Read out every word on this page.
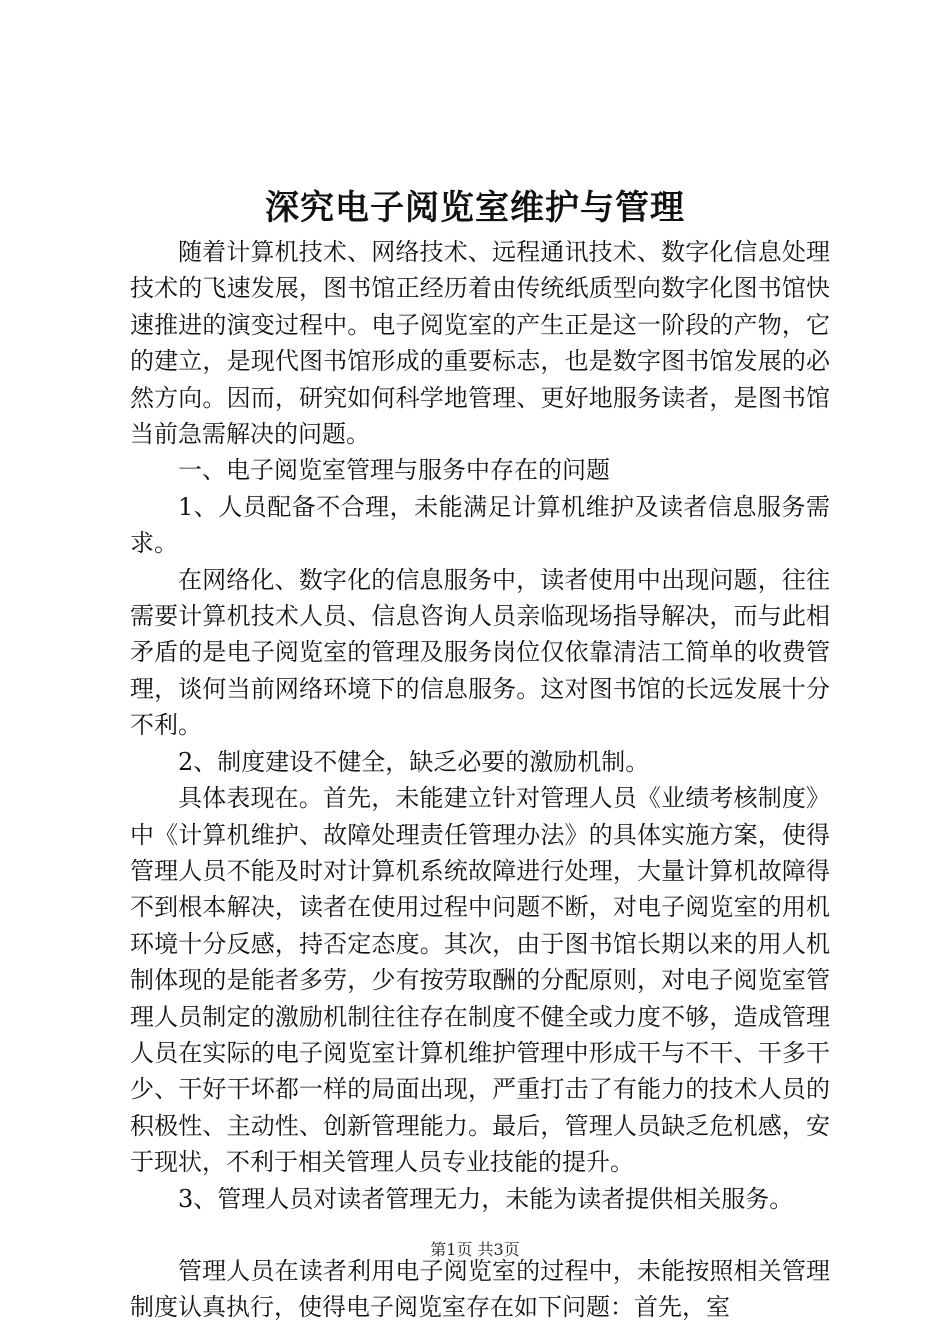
深究电子阅览室维护与管理

随着计算机技术、网络技术、远程通讯技术、数字化信息处理技术的飞速发展，图书馆正经历着由传统纸质型向数字化图书馆快速推进的演变过程中。电子阅览室的产生正是这一阶段的产物，它的建立，是现代图书馆形成的重要标志，也是数字图书馆发展的必然方向。因而，研究如何科学地管理、更好地服务读者，是图书馆当前急需解决的问题。

一、电子阅览室管理与服务中存在的问题

1、人员配备不合理，未能满足计算机维护及读者信息服务需求。

在网络化、数字化的信息服务中，读者使用中出现问题，往往需要计算机技术人员、信息咨询人员亲临现场指导解决，而与此相矛盾的是电子阅览室的管理及服务岗位仅依靠清洁工简单的收费管理，谈何当前网络环境下的信息服务。这对图书馆的长远发展十分不利。

2、制度建设不健全，缺乏必要的激励机制。

具体表现在。首先，未能建立针对管理人员《业绩考核制度》中《计算机维护、故障处理责任管理办法》的具体实施方案，使得管理人员不能及时对计算机系统故障进行处理，大量计算机故障得不到根本解决，读者在使用过程中问题不断，对电子阅览室的用机环境十分反感，持否定态度。其次，由于图书馆长期以来的用人机制体现的是能者多劳，少有按劳取酬的分配原则，对电子阅览室管理人员制定的激励机制往往存在制度不健全或力度不够，造成管理人员在实际的电子阅览室计算机维护管理中形成干与不干、干多干少、干好干坏都一样的局面出现，严重打击了有能力的技术人员的积极性、主动性、创新管理能力。最后，管理人员缺乏危机感，安于现状，不利于相关管理人员专业技能的提升。

3、管理人员对读者管理无力，未能为读者提供相关服务。

管理人员在读者利用电子阅览室的过程中，未能按照相关管理制度认真执行，使得电子阅览室存在如下问题：首先，室

第1页 共3页
